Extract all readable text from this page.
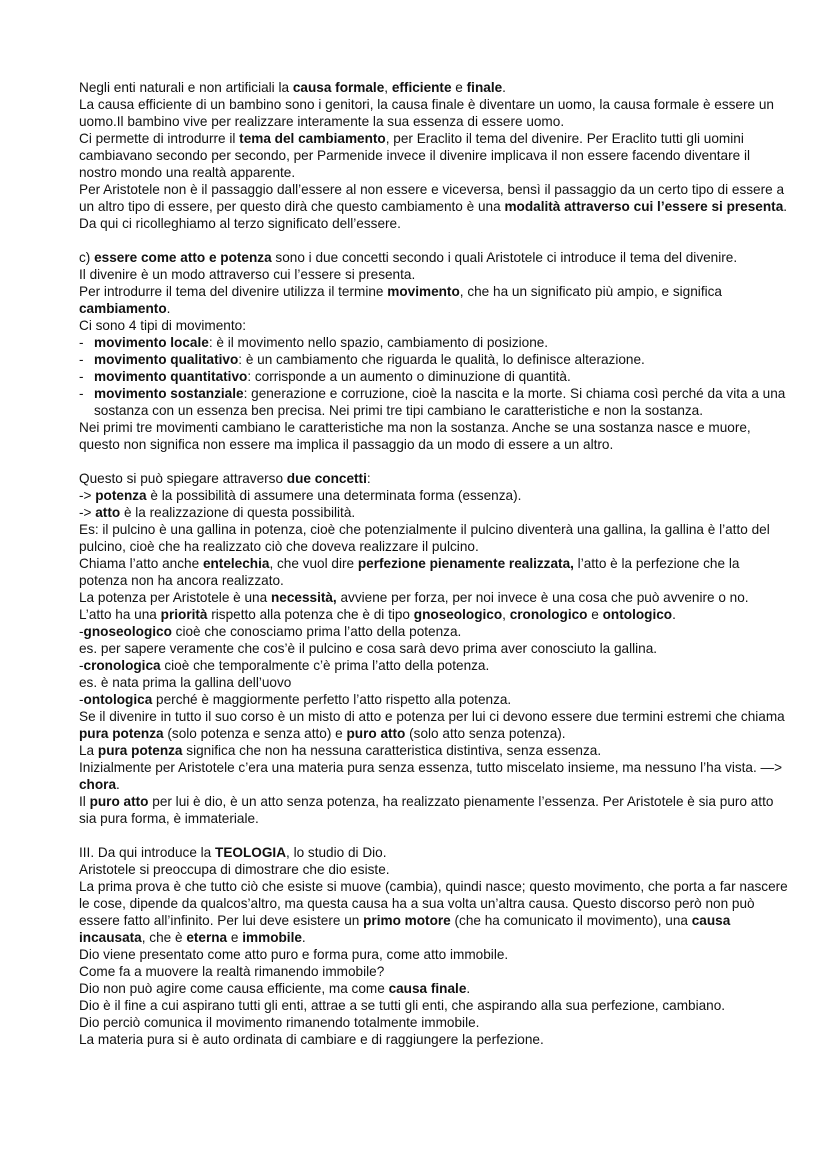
Negli enti naturali e non artificiali la causa formale, efficiente e finale.

La causa efficiente di un bambino sono i genitori, la causa finale è diventare un uomo, la causa formale è essere un uomo.Il bambino vive per realizzare interamente la sua essenza di essere uomo.

Ci permette di introdurre il tema del cambiamento, per Eraclito il tema del divenire. Per Eraclito tutti gli uomini cambiavano secondo per secondo, per Parmenide invece il divenire implicava il non essere facendo diventare il nostro mondo una realtà apparente.

Per Aristotele non è il passaggio dall’essere al non essere e viceversa, bensì il passaggio da un certo tipo di essere a un altro tipo di essere, per questo dirà che questo cambiamento è una modalità attraverso cui l’essere si presenta. Da qui ci ricolleghiamo al terzo significato dell’essere.

c) essere come atto e potenza sono i due concetti secondo i quali Aristotele ci introduce il tema del divenire.

Il divenire è un modo attraverso cui l’essere si presenta.

Per introdurre il tema del divenire utilizza il termine movimento, che ha un significato più ampio, e significa cambiamento.

Ci sono 4 tipi di movimento:

- movimento locale: è il movimento nello spazio, cambiamento di posizione.
- movimento qualitativo: è un cambiamento che riguarda le qualità, lo definisce alterazione.
- movimento quantitativo: corrisponde a un aumento o diminuzione di quantità.
- movimento sostanziale: generazione e corruzione, cioè la nascita e la morte. Si chiama così perché da vita a una sostanza con un essenza ben precisa. Nei primi tre tipi cambiano le caratteristiche e non la sostanza.

Nei primi tre movimenti cambiano le caratteristiche ma non la sostanza. Anche se una sostanza nasce e muore, questo non significa non essere ma implica il passaggio da un modo di essere a un altro.

Questo si può spiegare attraverso due concetti:

-> potenza è la possibilità di assumere una determinata forma (essenza).

-> atto è la realizzazione di questa possibilità.

Es: il pulcino è una gallina in potenza, cioè che potenzialmente il pulcino diventerà una gallina, la gallina è l’atto del pulcino, cioè che ha realizzato ciò che doveva realizzare il pulcino.

Chiama l’atto anche entelechia, che vuol dire perfezione pienamente realizzata, l’atto è la perfezione che la potenza non ha ancora realizzato.

La potenza per Aristotele è una necessità, avviene per forza, per noi invece è una cosa che può avvenire o no.

L’atto ha una priorità rispetto alla potenza che è di tipo gnoseologico, cronologico e ontologico.

-gnoseologico cioè che conosciamo prima l’atto della potenza.

es. per sapere veramente che cos’è il pulcino e cosa sarà devo prima aver conosciuto la gallina.

-cronologica cioè che temporalmente c’è prima l’atto della potenza.

es. è nata prima la gallina dell’uovo

-ontologica perché è maggiormente perfetto l’atto rispetto alla potenza.

Se il divenire in tutto il suo corso è un misto di atto e potenza per lui ci devono essere due termini estremi che chiama pura potenza (solo potenza e senza atto) e puro atto (solo atto senza potenza).

La pura potenza significa che non ha nessuna caratteristica distintiva, senza essenza.

Inizialmente per Aristotele c’era una materia pura senza essenza, tutto miscelato insieme, ma nessuno l’ha vista. —> chora.

Il puro atto per lui è dio, è un atto senza potenza, ha realizzato pienamente l’essenza. Per Aristotele è sia puro atto sia pura forma, è immateriale.

III. Da qui introduce la TEOLOGIA, lo studio di Dio.

Aristotele si preoccupa di dimostrare che dio esiste.

La prima prova è che tutto ciò che esiste si muove (cambia), quindi nasce; questo movimento, che porta a far nascere le cose, dipende da qualcos’altro, ma questa causa ha a sua volta un’altra causa. Questo discorso però non può essere fatto all’infinito. Per lui deve esistere un primo motore (che ha comunicato il movimento), una causa incausata, che è eterna e immobile.

Dio viene presentato come atto puro e forma pura, come atto immobile.

Come fa a muovere la realtà rimanendo immobile?

Dio non può agire come causa efficiente, ma come causa finale.

Dio è il fine a cui aspirano tutti gli enti, attrae a se tutti gli enti, che aspirando alla sua perfezione, cambiano.

Dio perciò comunica il movimento rimanendo totalmente immobile.

La materia pura si è auto ordinata di cambiare e di raggiungere la perfezione.
